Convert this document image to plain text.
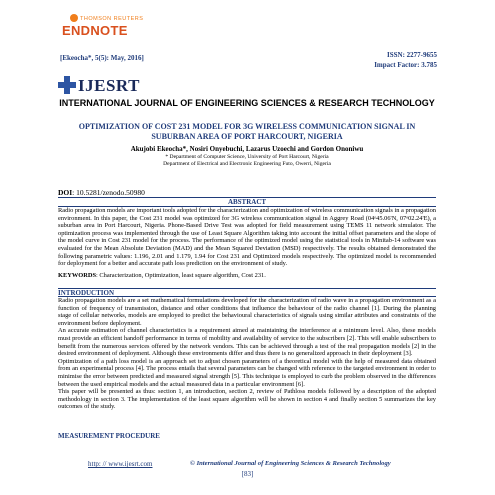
THOMSON REUTERS
ENDNOTE
[Ekeocha*, 5(5): May, 2016]	ISSN: 2277-9655
Impact Factor: 3.785
IJESRT
INTERNATIONAL JOURNAL OF ENGINEERING SCIENCES & RESEARCH TECHNOLOGY
OPTIMIZATION OF COST 231 MODEL FOR 3G WIRELESS COMMUNICATION SIGNAL IN SUBURBAN AREA OF PORT HARCOURT, NIGERIA
Akujobi Ekeocha*, Nosiri Onyebuchi, Lazarus Uzoechi and Gordon Ononiwu
* Department of Computer Science, University of Port Harcourt, Nigeria
Department of Electrical and Electronic Engineering Futo, Owerri, Nigeria
DOI: 10.5281/zenodo.50980
ABSTRACT
Radio propagation models are important tools adopted for the characterization and optimization of wireless communication signals in a propagation environment. In this paper, the Cost 231 model was optimized for 3G wireless communication signal in Aggrey Road (04ᵒ45.06'N, 07ᵒ02.24'E), a suburban area in Port Harcourt, Nigeria. Phone-Based Drive Test was adopted for field measurement using TEMS 11 network simulator. The optimization process was implemented through the use of Least Square Algorithm taking into account the initial offset parameters and the slope of the model curve in Cost 231 model for the process. The performance of the optimized model using the statistical tools in Minitab-14 software was evaluated for the Mean Absolute Deviation (MAD) and the Mean Squared Deviation (MSD) respectively. The results obtained demonstrated the following parametric values: 1.196, 2.01 and 1.179, 1.94 for Cost 231 and Optimized models respectively. The optimized model is recommended for deployment for a better and accurate path loss prediction on the environment of study.
KEYWORDS: Characterization, Optimization, least square algorithm, Cost 231.
INTRODUCTION
Radio propagation models are a set mathematical formulations developed for the characterization of radio wave in a propagation environment as a function of frequency of transmission, distance and other conditions that influence the behaviour of the radio channel [1]. During the planning stage of cellular networks, models are employed to predict the behavioural characteristics of signals using similar attributes and constraints of the environment before deployment.
An accurate estimation of channel characteristics is a requirement aimed at maintaining the interference at a minimum level. Also, these models must provide an efficient handoff performance in terms of mobility and availability of service to the subscribers [2]. This will enable subscribers to benefit from the numerous services offered by the network vendors. This can be achieved through a test of the real propagation models [2] in the desired environment of deployment. Although these environments differ and thus there is no generalized approach in their deployment [3].
Optimization of a path loss model is an approach set to adjust chosen parameters of a theoretical model with the help of measured data obtained from an experimental process [4]. The process entails that several parameters can be changed with reference to the targeted environment in order to minimise the error between predicted and measured signal strength [5]. This technique is employed to curb the problem observed in the differences between the used empirical models and the actual measured data in a particular environment [6].
This paper will be presented as thus: section 1, an introduction, section 2, review of Pathloss models followed by a description of the adopted methodology in section 3. The implementation of the least square algorithm will be shown in section 4 and finally section 5 summarizes the key outcomes of the study.
MEASUREMENT PROCEDURE
http: // www.ijesrt.com	© International Journal of Engineering Sciences & Research Technology
[83]
